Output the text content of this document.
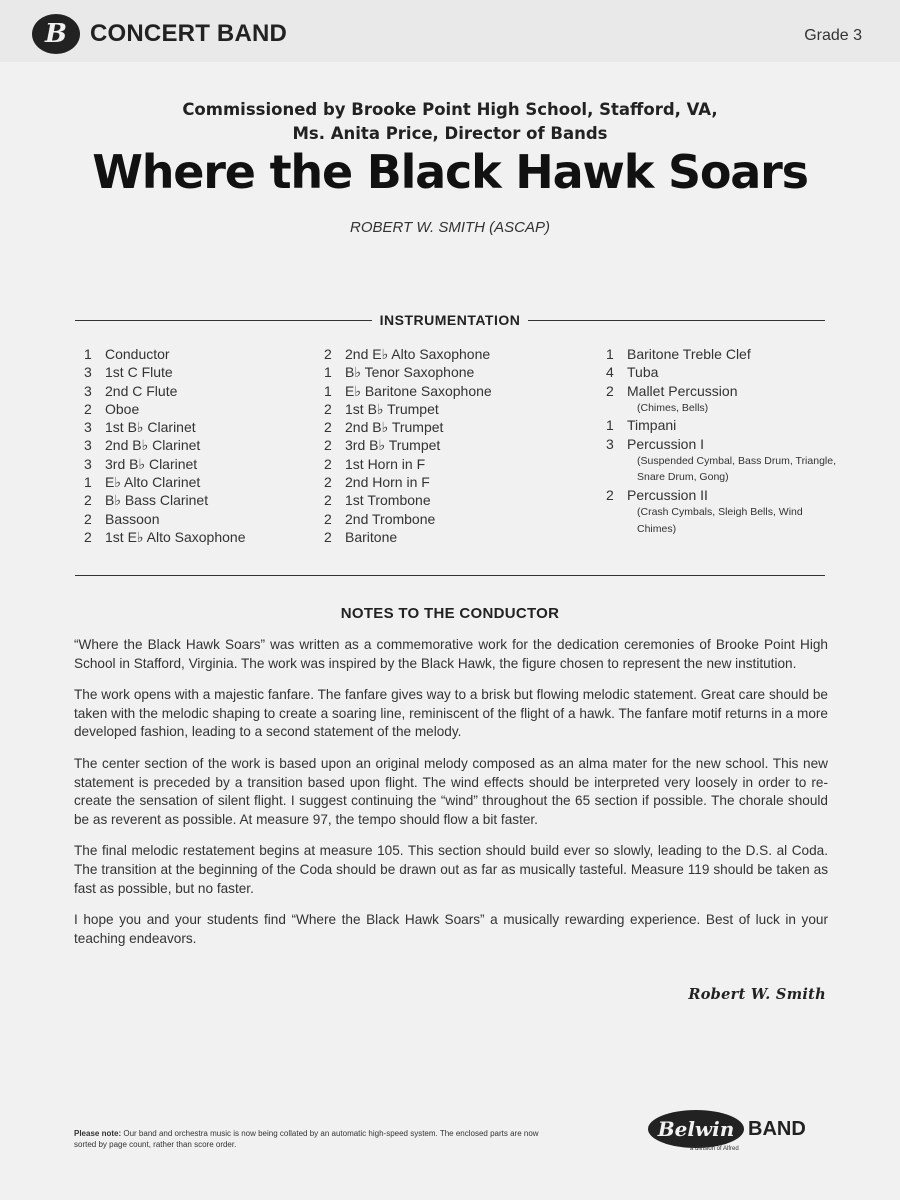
B CONCERT BAND	Grade 3
Commissioned by Brooke Point High School, Stafford, VA,
Ms. Anita Price, Director of Bands
Where the Black Hawk Soars
ROBERT W. SMITH (ASCAP)
INSTRUMENTATION
1 Conductor
3 1st C Flute
3 2nd C Flute
2 Oboe
3 1st B♭ Clarinet
3 2nd B♭ Clarinet
3 3rd B♭ Clarinet
1 E♭ Alto Clarinet
2 B♭ Bass Clarinet
2 Bassoon
2 1st E♭ Alto Saxophone
2 2nd E♭ Alto Saxophone
1 B♭ Tenor Saxophone
1 E♭ Baritone Saxophone
2 1st B♭ Trumpet
2 2nd B♭ Trumpet
2 3rd B♭ Trumpet
2 1st Horn in F
2 2nd Horn in F
2 1st Trombone
2 2nd Trombone
2 Baritone
1 Baritone Treble Clef
4 Tuba
2 Mallet Percussion
(Chimes, Bells)
1 Timpani
3 Percussion I
(Suspended Cymbal, Bass Drum, Triangle, Snare Drum, Gong)
2 Percussion II
(Crash Cymbals, Sleigh Bells, Wind Chimes)
NOTES TO THE CONDUCTOR

“Where the Black Hawk Soars” was written as a commemorative work for the dedication ceremonies of Brooke Point High School in Stafford, Virginia. The work was inspired by the Black Hawk, the figure chosen to represent the new institution.

The work opens with a majestic fanfare. The fanfare gives way to a brisk but flowing melodic statement. Great care should be taken with the melodic shaping to create a soaring line, reminiscent of the flight of a hawk. The fanfare motif returns in a more developed fashion, leading to a second statement of the melody.

The center section of the work is based upon an original melody composed as an alma mater for the new school. This new statement is preceded by a transition based upon flight. The wind effects should be interpreted very loosely in order to re-create the sensation of silent flight. I suggest continuing the “wind” throughout the 65 section if possible. The chorale should be as reverent as possible. At measure 97, the tempo should flow a bit faster.

The final melodic restatement begins at measure 105. This section should build ever so slowly, leading to the D.S. al Coda. The transition at the beginning of the Coda should be drawn out as far as musically tasteful. Measure 119 should be taken as fast as possible, but no faster.

I hope you and your students find “Where the Black Hawk Soars” a musically rewarding experience. Best of luck in your teaching endeavors.

Robert W. Smith
Please note: Our band and orchestra music is now being collated by an automatic high-speed system. The enclosed parts are now sorted by page count, rather than score order.
Belwin BAND
a division of Alfred
